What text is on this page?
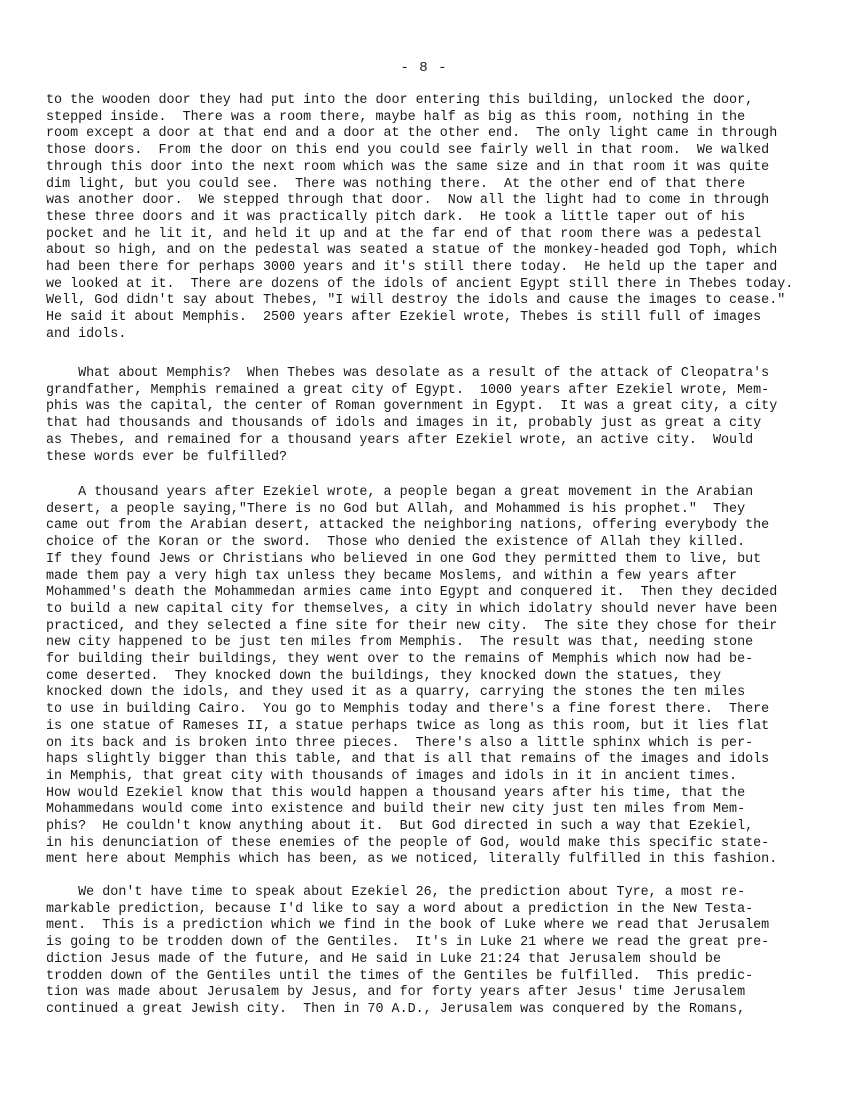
- 8 -
to the wooden door they had put into the door entering this building, unlocked the door,
stepped inside.  There was a room there, maybe half as big as this room, nothing in the
room except a door at that end and a door at the other end.  The only light came in through
those doors.  From the door on this end you could see fairly well in that room.  We walked
through this door into the next room which was the same size and in that room it was quite
dim light, but you could see.  There was nothing there.  At the other end of that there
was another door.  We stepped through that door.  Now all the light had to come in through
these three doors and it was practically pitch dark.  He took a little taper out of his
pocket and he lit it, and held it up and at the far end of that room there was a pedestal
about so high, and on the pedestal was seated a statue of the monkey-headed god Toph, which
had been there for perhaps 3000 years and it's still there today.  He held up the taper and
we looked at it.  There are dozens of the idols of ancient Egypt still there in Thebes today.
Well, God didn't say about Thebes, "I will destroy the idols and cause the images to cease."
He said it about Memphis.  2500 years after Ezekiel wrote, Thebes is still full of images
and idols.
What about Memphis?  When Thebes was desolate as a result of the attack of Cleopatra's
grandfather, Memphis remained a great city of Egypt.  1000 years after Ezekiel wrote, Mem-
phis was the capital, the center of Roman government in Egypt.  It was a great city, a city
that had thousands and thousands of idols and images in it, probably just as great a city
as Thebes, and remained for a thousand years after Ezekiel wrote, an active city.  Would
these words ever be fulfilled?
A thousand years after Ezekiel wrote, a people began a great movement in the Arabian
desert, a people saying,"There is no God but Allah, and Mohammed is his prophet."  They
came out from the Arabian desert, attacked the neighboring nations, offering everybody the
choice of the Koran or the sword.  Those who denied the existence of Allah they killed.
If they found Jews or Christians who believed in one God they permitted them to live, but
made them pay a very high tax unless they became Moslems, and within a few years after
Mohammed's death the Mohammedan armies came into Egypt and conquered it.  Then they decided
to build a new capital city for themselves, a city in which idolatry should never have been
practiced, and they selected a fine site for their new city.  The site they chose for their
new city happened to be just ten miles from Memphis.  The result was that, needing stone
for building their buildings, they went over to the remains of Memphis which now had be-
come deserted.  They knocked down the buildings, they knocked down the statues, they
knocked down the idols, and they used it as a quarry, carrying the stones the ten miles
to use in building Cairo.  You go to Memphis today and there's a fine forest there.  There
is one statue of Rameses II, a statue perhaps twice as long as this room, but it lies flat
on its back and is broken into three pieces.  There's also a little sphinx which is per-
haps slightly bigger than this table, and that is all that remains of the images and idols
in Memphis, that great city with thousands of images and idols in it in ancient times.
How would Ezekiel know that this would happen a thousand years after his time, that the
Mohammedans would come into existence and build their new city just ten miles from Mem-
phis?  He couldn't know anything about it.  But God directed in such a way that Ezekiel,
in his denunciation of these enemies of the people of God, would make this specific state-
ment here about Memphis which has been, as we noticed, literally fulfilled in this fashion.
We don't have time to speak about Ezekiel 26, the prediction about Tyre, a most re-
markable prediction, because I'd like to say a word about a prediction in the New Testa-
ment.  This is a prediction which we find in the book of Luke where we read that Jerusalem
is going to be trodden down of the Gentiles.  It's in Luke 21 where we read the great pre-
diction Jesus made of the future, and He said in Luke 21:24 that Jerusalem should be
trodden down of the Gentiles until the times of the Gentiles be fulfilled.  This predic-
tion was made about Jerusalem by Jesus, and for forty years after Jesus' time Jerusalem
continued a great Jewish city.  Then in 70 A.D., Jerusalem was conquered by the Romans,
